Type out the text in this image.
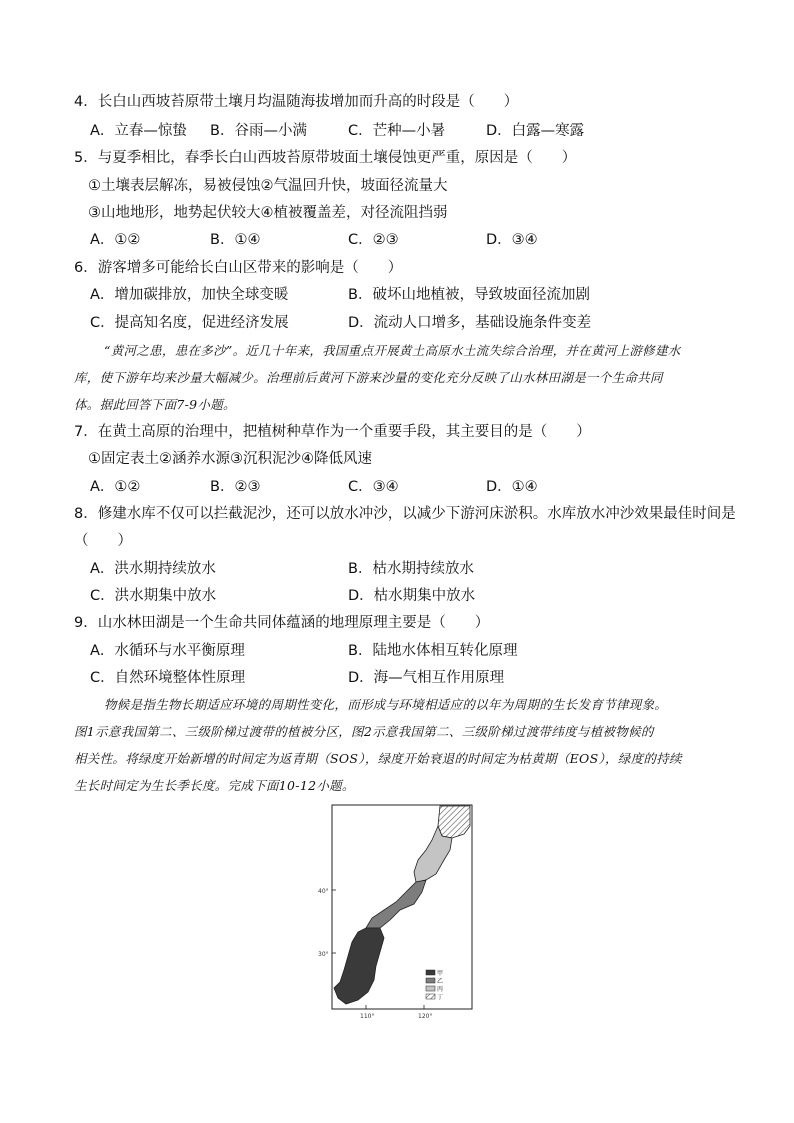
4．长白山西坡苔原带土壤月均温随海拔增加而升高的时段是（　　）
A．立春—惊蛰 B．谷雨—小满	C．芒种—小暑	D．白露—寒露
5．与夏季相比，春季长白山西坡苔原带坡面土壤侵蚀更严重，原因是（　　）
①土壤表层解冻，易被侵蚀②气温回升快，坡面径流量大
③山地地形，地势起伏较大④植被覆盖差，对径流阻挡弱
A．①②	B．①④	C．②③	D．③④
6．游客增多可能给长白山区带来的影响是（　　）
A．增加碳排放，加快全球变暖	B．破坏山地植被，导致坡面径流加剧
C．提高知名度，促进经济发展	D．流动人口增多，基础设施条件变差
“黄河之患，患在多沙”。近几十年来，我国重点开展黄土高原水土流失综合治理，并在黄河上游修建水
库，使下游年均来沙量大幅减少。治理前后黄河下游来沙量的变化充分反映了山水林田湖是一个生命共同
体。据此回答下面7-9小题。
7．在黄土高原的治理中，把植树种草作为一个重要手段，其主要目的是（　　）
①固定表土②涵养水源③沉积泥沙④降低风速
A．①②	B．②③	C．③④	D．①④
8．修建水库不仅可以拦截泥沙，还可以放水冲沙，以减少下游河床淤积。水库放水冲沙效果最佳时间是
（　　）
A．洪水期持续放水	B．枯水期持续放水
C．洪水期集中放水	D．枯水期集中放水
9．山水林田湖是一个生命共同体蕴涵的地理原理主要是（　　）
A．水循环与水平衡原理	B．陆地水体相互转化原理
C．自然环境整体性原理	D．海—气相互作用原理
物候是指生物长期适应环境的周期性变化，而形成与环境相适应的以年为周期的生长发育节律现象。
图1示意我国第二、三级阶梯过渡带的植被分区，图2示意我国第二、三级阶梯过渡带纬度与植被物候的
相关性。将绿度开始新增的时间定为返青期（SOS），绿度开始衰退的时间定为枯黄期（EOS），绿度的持续
生长时间定为生长季长度。完成下面10-12小题。
40°
30°
110°	120°
甲
乙
丙
丁
